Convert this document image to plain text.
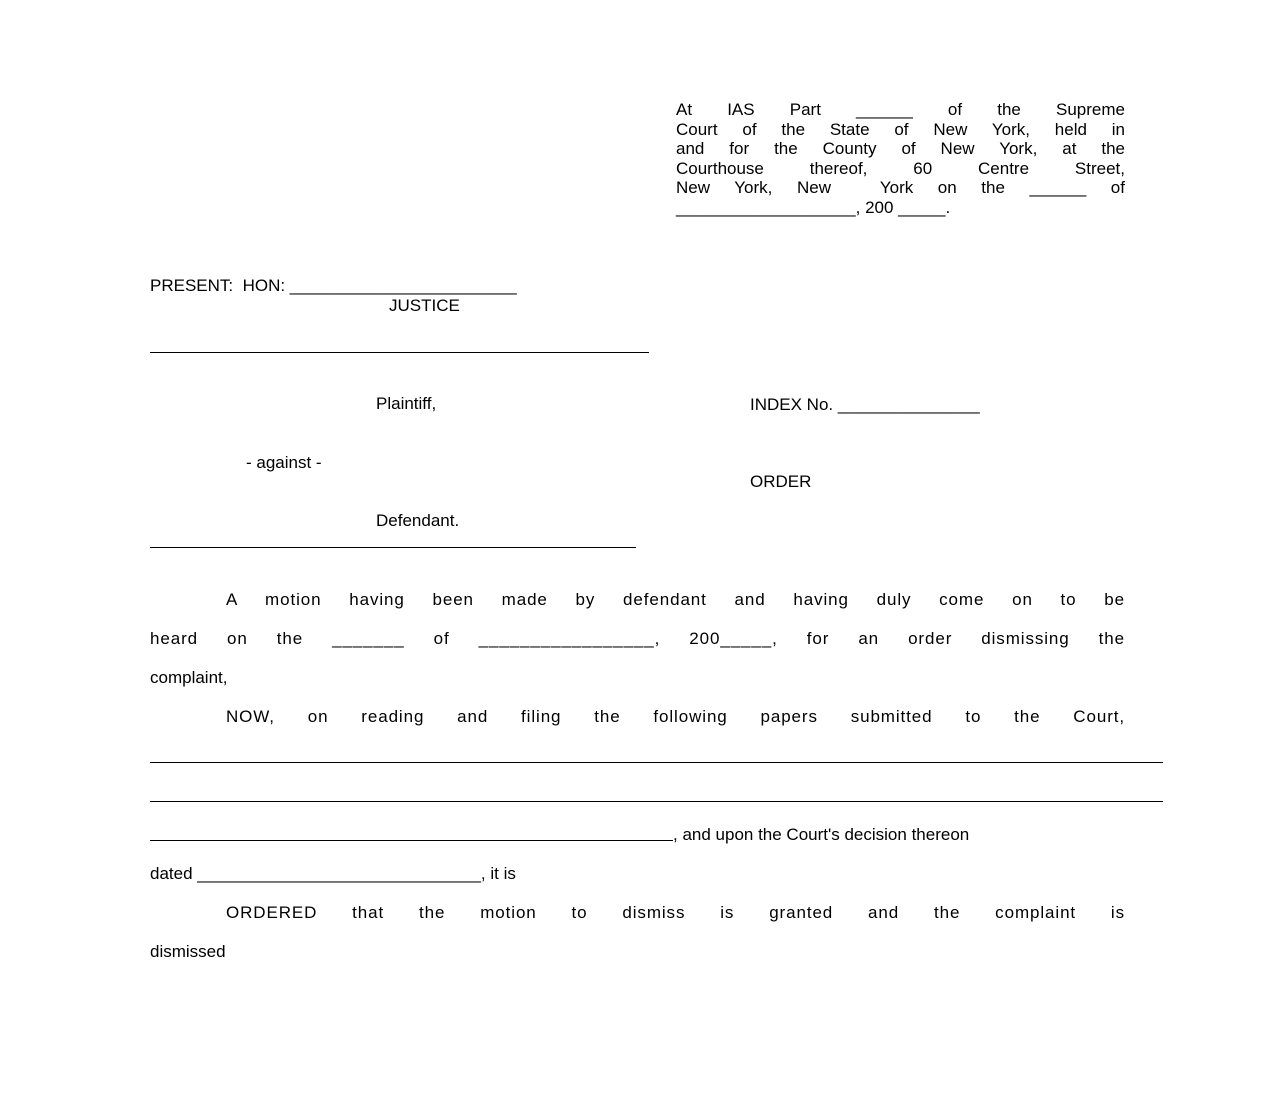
At IAS Part ______ of the Supreme
Court of the State of New York, held in
and for the County of New York, at the
Courthouse thereof, 60 Centre Street,
New York, New  York on the ______ of
___________________, 200 _____.
PRESENT:  HON: ________________________
JUSTICE
Plaintiff,
- against -
Defendant.
INDEX No. _______________
ORDER
A motion having been made by defendant and having duly come on to be
heard on the _______ of _________________, 200_____, for an order dismissing the
complaint,
NOW, on reading and filing the following papers submitted to the Court,
, and upon the Court's decision thereon
dated ______________________________, it is
ORDERED that the motion to dismiss is granted and the complaint is
dismissed
